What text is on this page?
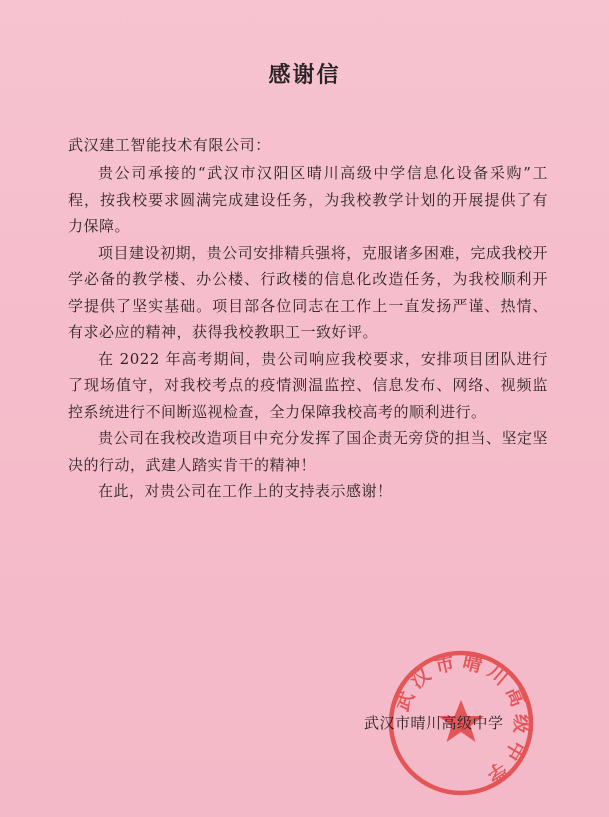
感谢信
武汉建工智能技术有限公司：

贵公司承接的“武汉市汉阳区晴川高级中学信息化设备采购”工程，按我校要求圆满完成建设任务，为我校教学计划的开展提供了有力保障。

项目建设初期，贵公司安排精兵强将，克服诸多困难，完成我校开学必备的教学楼、办公楼、行政楼的信息化改造任务，为我校顺利开学提供了坚实基础。项目部各位同志在工作上一直发扬严谨、热情、有求必应的精神，获得我校教职工一致好评。

在 2022 年高考期间，贵公司响应我校要求，安排项目团队进行了现场值守，对我校考点的疫情测温监控、信息发布、网络、视频监控系统进行不间断巡视检查，全力保障我校高考的顺利进行。

贵公司在我校改造项目中充分发挥了国企责无旁贷的担当、坚定坚决的行动，武建人踏实肯干的精神！

在此，对贵公司在工作上的支持表示感谢！

武汉市晴川高级中学
武汉市晴川高级中学
